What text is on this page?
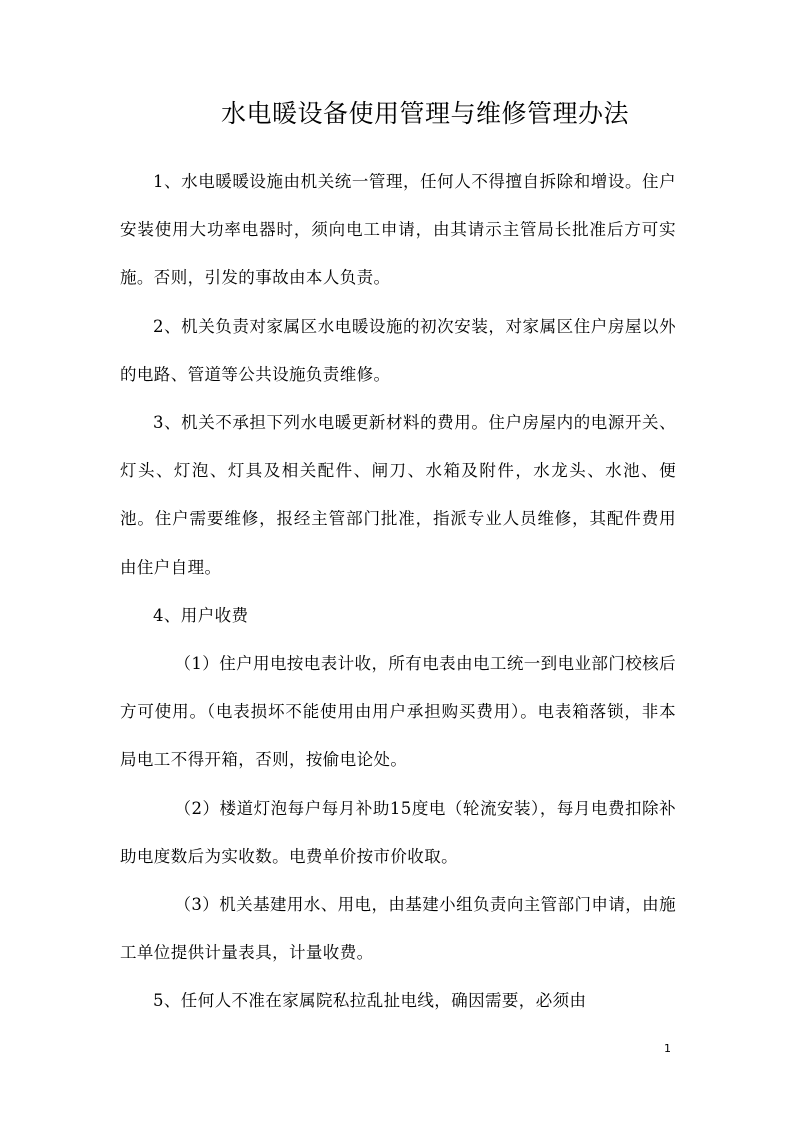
水电暖设备使用管理与维修管理办法

1、水电暖暖设施由机关统一管理，任何人不得擅自拆除和增设。住户安装使用大功率电器时，须向电工申请，由其请示主管局长批准后方可实施。否则，引发的事故由本人负责。

2、机关负责对家属区水电暖设施的初次安装，对家属区住户房屋以外的电路、管道等公共设施负责维修。

3、机关不承担下列水电暖更新材料的费用。住户房屋内的电源开关、灯头、灯泡、灯具及相关配件、闸刀、水箱及附件，水龙头、水池、便池。住户需要维修，报经主管部门批准，指派专业人员维修，其配件费用由住户自理。

4、用户收费

（1）住户用电按电表计收，所有电表由电工统一到电业部门校核后方可使用。（电表损坏不能使用由用户承担购买费用）。电表箱落锁，非本局电工不得开箱，否则，按偷电论处。

（2）楼道灯泡每户每月补助15度电（轮流安装），每月电费扣除补助电度数后为实收数。电费单价按市价收取。

（3）机关基建用水、用电，由基建小组负责向主管部门申请，由施工单位提供计量表具，计量收费。

5、任何人不准在家属院私拉乱扯电线，确因需要，必须由

1
